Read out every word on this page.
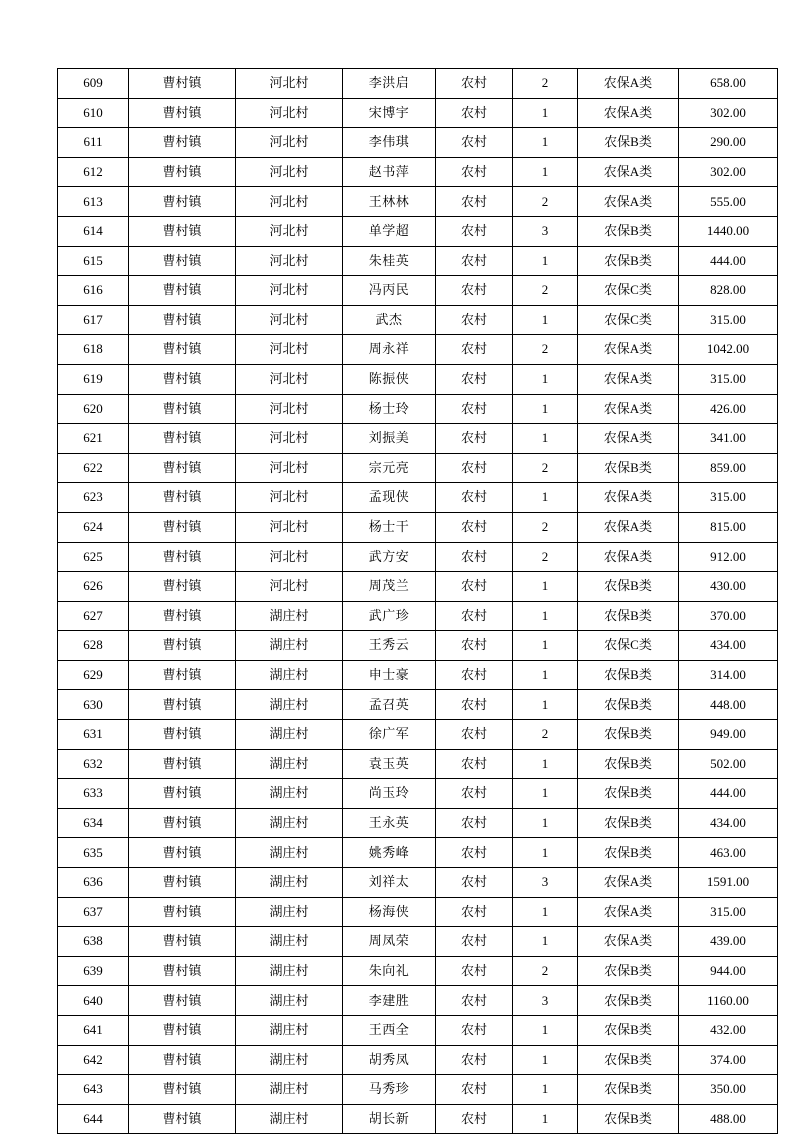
609	曹村镇	河北村	李洪启	农村	2	农保A类	658.00
610	曹村镇	河北村	宋博宇	农村	1	农保A类	302.00
611	曹村镇	河北村	李伟琪	农村	1	农保B类	290.00
612	曹村镇	河北村	赵书萍	农村	1	农保A类	302.00
613	曹村镇	河北村	王林林	农村	2	农保A类	555.00
614	曹村镇	河北村	单学超	农村	3	农保B类	1440.00
615	曹村镇	河北村	朱桂英	农村	1	农保B类	444.00
616	曹村镇	河北村	冯丙民	农村	2	农保C类	828.00
617	曹村镇	河北村	武杰	农村	1	农保C类	315.00
618	曹村镇	河北村	周永祥	农村	2	农保A类	1042.00
619	曹村镇	河北村	陈振侠	农村	1	农保A类	315.00
620	曹村镇	河北村	杨士玲	农村	1	农保A类	426.00
621	曹村镇	河北村	刘振美	农村	1	农保A类	341.00
622	曹村镇	河北村	宗元亮	农村	2	农保B类	859.00
623	曹村镇	河北村	孟现侠	农村	1	农保A类	315.00
624	曹村镇	河北村	杨士干	农村	2	农保A类	815.00
625	曹村镇	河北村	武方安	农村	2	农保A类	912.00
626	曹村镇	河北村	周茂兰	农村	1	农保B类	430.00
627	曹村镇	湖庄村	武广珍	农村	1	农保B类	370.00
628	曹村镇	湖庄村	王秀云	农村	1	农保C类	434.00
629	曹村镇	湖庄村	申士豪	农村	1	农保B类	314.00
630	曹村镇	湖庄村	孟召英	农村	1	农保B类	448.00
631	曹村镇	湖庄村	徐广军	农村	2	农保B类	949.00
632	曹村镇	湖庄村	袁玉英	农村	1	农保B类	502.00
633	曹村镇	湖庄村	尚玉玲	农村	1	农保B类	444.00
634	曹村镇	湖庄村	王永英	农村	1	农保B类	434.00
635	曹村镇	湖庄村	姚秀峰	农村	1	农保B类	463.00
636	曹村镇	湖庄村	刘祥太	农村	3	农保A类	1591.00
637	曹村镇	湖庄村	杨海侠	农村	1	农保A类	315.00
638	曹村镇	湖庄村	周凤荣	农村	1	农保A类	439.00
639	曹村镇	湖庄村	朱向礼	农村	2	农保B类	944.00
640	曹村镇	湖庄村	李建胜	农村	3	农保B类	1160.00
641	曹村镇	湖庄村	王西全	农村	1	农保B类	432.00
642	曹村镇	湖庄村	胡秀凤	农村	1	农保B类	374.00
643	曹村镇	湖庄村	马秀珍	农村	1	农保B类	350.00
644	曹村镇	湖庄村	胡长新	农村	1	农保B类	488.00
